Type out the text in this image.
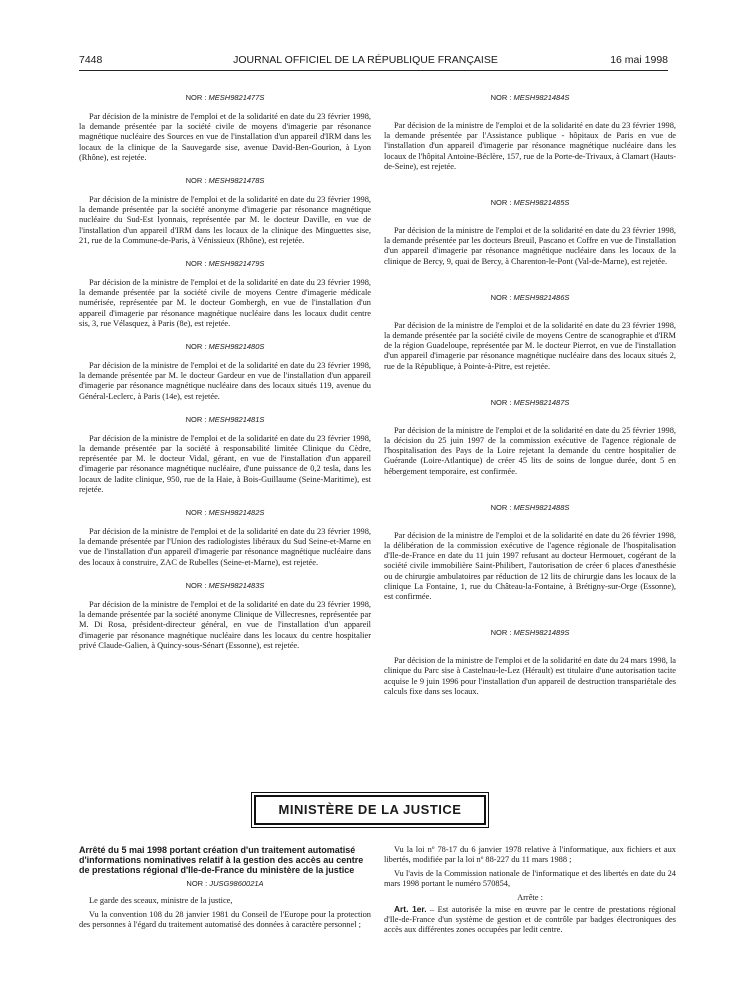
7448	JOURNAL OFFICIEL DE LA RÉPUBLIQUE FRANÇAISE	16 mai 1998

NOR : MESH9821477S

Par décision de la ministre de l'emploi et de la solidarité en date du 23 février 1998, la demande présentée par la société civile de moyens d'imagerie par résonance magnétique nucléaire des Sources en vue de l'installation d'un appareil d'IRM dans les locaux de la clinique de la Sauvegarde sise, avenue David-Ben-Gourion, à Lyon (Rhône), est rejetée.

NOR : MESH9821478S

Par décision de la ministre de l'emploi et de la solidarité en date du 23 février 1998, la demande présentée par la société anonyme d'imagerie par résonance magnétique nucléaire du Sud-Est lyonnais, représentée par M. le docteur Daville, en vue de l'installation d'un appareil d'IRM dans les locaux de la clinique des Minguettes sise, 21, rue de la Commune-de-Paris, à Vénissieux (Rhône), est rejetée.

NOR : MESH9821479S

Par décision de la ministre de l'emploi et de la solidarité en date du 23 février 1998, la demande présentée par la société civile de moyens Centre d'imagerie médicale numérisée, représentée par M. le docteur Gombergh, en vue de l'installation d'un appareil d'imagerie par résonance magnétique nucléaire dans les locaux dudit centre sis, 3, rue Vélasquez, à Paris (8e), est rejetée.

NOR : MESH9821480S

Par décision de la ministre de l'emploi et de la solidarité en date du 23 février 1998, la demande présentée par M. le docteur Gardeur en vue de l'installation d'un appareil d'imagerie par résonance magnétique nucléaire dans des locaux situés 119, avenue du Général-Leclerc, à Paris (14e), est rejetée.

NOR : MESH9821481S

Par décision de la ministre de l'emploi et de la solidarité en date du 23 février 1998, la demande présentée par la société à responsabilité limitée Clinique du Cèdre, représentée par M. le docteur Vidal, gérant, en vue de l'installation d'un appareil d'imagerie par résonance magnétique nucléaire, d'une puissance de 0,2 tesla, dans les locaux de ladite clinique, 950, rue de la Haie, à Bois-Guillaume (Seine-Maritime), est rejetée.

NOR : MESH9821482S

Par décision de la ministre de l'emploi et de la solidarité en date du 23 février 1998, la demande présentée par l'Union des radiologistes libéraux du Sud Seine-et-Marne en vue de l'installation d'un appareil d'imagerie par résonance magnétique nucléaire dans des locaux à construire, ZAC de Rubelles (Seine-et-Marne), est rejetée.

NOR : MESH9821483S

Par décision de la ministre de l'emploi et de la solidarité en date du 23 février 1998, la demande présentée par la société anonyme Clinique de Villecresnes, représentée par M. Di Rosa, président-directeur général, en vue de l'installation d'un appareil d'imagerie par résonance magnétique nucléaire dans les locaux du centre hospitalier privé Claude-Galien, à Quincy-sous-Sénart (Essonne), est rejetée.

NOR : MESH9821484S

Par décision de la ministre de l'emploi et de la solidarité en date du 23 février 1998, la demande présentée par l'Assistance publique - hôpitaux de Paris en vue de l'installation d'un appareil d'imagerie par résonance magnétique nucléaire dans les locaux de l'hôpital Antoine-Béclère, 157, rue de la Porte-de-Trivaux, à Clamart (Hauts-de-Seine), est rejetée.

NOR : MESH9821485S

Par décision de la ministre de l'emploi et de la solidarité en date du 23 février 1998, la demande présentée par les docteurs Breuil, Pascano et Coffre en vue de l'installation d'un appareil d'imagerie par résonance magnétique nucléaire dans les locaux de la clinique de Bercy, 9, quai de Bercy, à Charenton-le-Pont (Val-de-Marne), est rejetée.

NOR : MESH9821486S

Par décision de la ministre de l'emploi et de la solidarité en date du 23 février 1998, la demande présentée par la société civile de moyens Centre de scanographie et d'IRM de la région Guadeloupe, représentée par M. le docteur Pierrot, en vue de l'installation d'un appareil d'imagerie par résonance magnétique nucléaire dans des locaux situés 2, rue de la République, à Pointe-à-Pitre, est rejetée.

NOR : MESH9821487S

Par décision de la ministre de l'emploi et de la solidarité en date du 25 février 1998, la décision du 25 juin 1997 de la commission exécutive de l'agence régionale de l'hospitalisation des Pays de la Loire rejetant la demande du centre hospitalier de Guérande (Loire-Atlantique) de créer 45 lits de soins de longue durée, dont 5 en hébergement temporaire, est confirmée.

NOR : MESH9821488S

Par décision de la ministre de l'emploi et de la solidarité en date du 26 février 1998, la délibération de la commission exécutive de l'agence régionale de l'hospitalisation d'Ile-de-France en date du 11 juin 1997 refusant au docteur Hermouet, cogérant de la société civile immobilière Saint-Philibert, l'autorisation de créer 6 places d'anesthésie ou de chirurgie ambulatoires par réduction de 12 lits de chirurgie dans les locaux de la clinique La Fontaine, 1, rue du Château-la-Fontaine, à Brétigny-sur-Orge (Essonne), est confirmée.

NOR : MESH9821489S

Par décision de la ministre de l'emploi et de la solidarité en date du 24 mars 1998, la clinique du Parc sise à Castelnau-le-Lez (Hérault) est titulaire d'une autorisation tacite acquise le 9 juin 1996 pour l'installation d'un appareil de destruction transpariétale des calculs fixe dans ses locaux.

MINISTÈRE DE LA JUSTICE

Arrêté du 5 mai 1998 portant création d'un traitement automatisé d'informations nominatives relatif à la gestion des accès au centre de prestations régional d'Ile-de-France du ministère de la justice

NOR : JUSG9860021A

Le garde des sceaux, ministre de la justice,

Vu la convention 108 du 28 janvier 1981 du Conseil de l'Europe pour la protection des personnes à l'égard du traitement automatisé des données à caractère personnel ;

Vu la loi nº 78-17 du 6 janvier 1978 relative à l'informatique, aux fichiers et aux libertés, modifiée par la loi nº 88-227 du 11 mars 1988 ;

Vu l'avis de la Commission nationale de l'informatique et des libertés en date du 24 mars 1998 portant le numéro 570854,

Arrête :

Art. 1er. – Est autorisée la mise en œuvre par le centre de prestations régional d'Ile-de-France d'un système de gestion et de contrôle par badges électroniques des accès aux différentes zones occupées par ledit centre.
